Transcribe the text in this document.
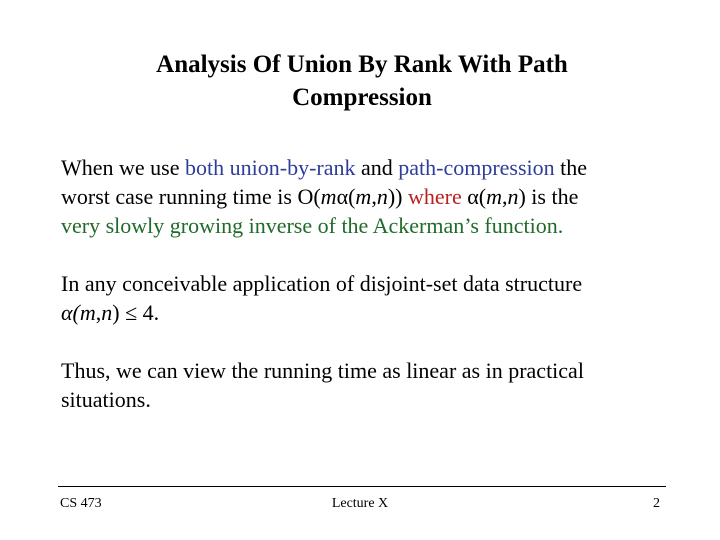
Analysis Of Union By Rank With Path
Compression
When we use both union-by-rank and path-compression the
worst case running time is O(mα(m,n)) where α(m,n) is the
very slowly growing inverse of the Ackerman’s function.
In any conceivable application of disjoint-set data structure
α(m,n) ≤ 4.
Thus, we can view the running time as linear as in practical
situations.
CS 473	Lecture X	2
